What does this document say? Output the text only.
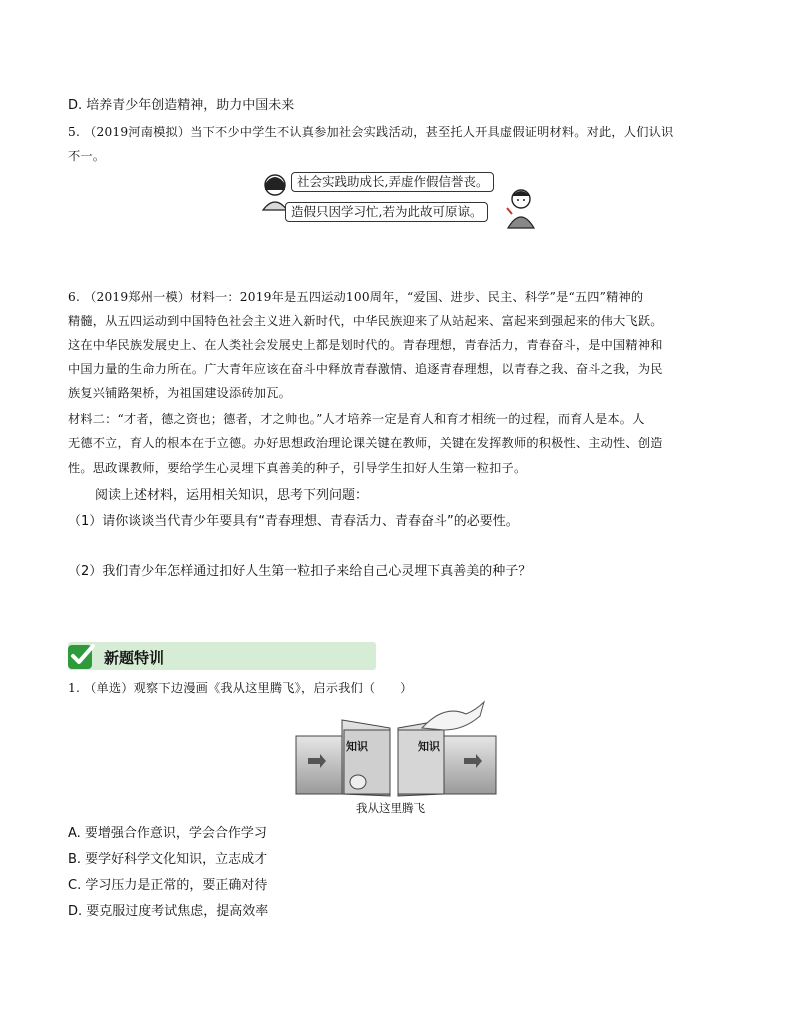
D. 培养青少年创造精神，助力中国未来
5. （2019河南模拟）当下不少中学生不认真参加社会实践活动，甚至托人开具虚假证明材料。对此，人们认识
不一。
社会实践助成长,弄虚作假信誉丧。
造假只因学习忙,若为此故可原谅。
6. （2019郑州一模）材料一：2019年是五四运动100周年，“爱国、进步、民主、科学”是“五四”精神的
精髓，从五四运动到中国特色社会主义进入新时代，中华民族迎来了从站起来、富起来到强起来的伟大飞跃。
这在中华民族发展史上、在人类社会发展史上都是划时代的。青春理想，青春活力，青春奋斗，是中国精神和
中国力量的生命力所在。广大青年应该在奋斗中释放青春激情、追逐青春理想，以青春之我、奋斗之我，为民
族复兴铺路架桥，为祖国建设添砖加瓦。
材料二：“才者，德之资也；德者，才之帅也。”人才培养一定是育人和育才相统一的过程，而育人是本。人
无德不立，育人的根本在于立德。办好思想政治理论课关键在教师，关键在发挥教师的积极性、主动性、创造
性。思政课教师，要给学生心灵埋下真善美的种子，引导学生扣好人生第一粒扣子。
阅读上述材料，运用相关知识，思考下列问题：
（1）请你谈谈当代青少年要具有“青春理想、青春活力、青春奋斗”的必要性。
（2）我们青少年怎样通过扣好人生第一粒扣子来给自己心灵埋下真善美的种子？
新题特训
1. （单选）观察下边漫画《我从这里腾飞》，启示我们（　　）
知识	知识
我从这里腾飞
A. 要增强合作意识，学会合作学习
B. 要学好科学文化知识，立志成才
C. 学习压力是正常的，要正确对待
D. 要克服过度考试焦虑，提高效率
